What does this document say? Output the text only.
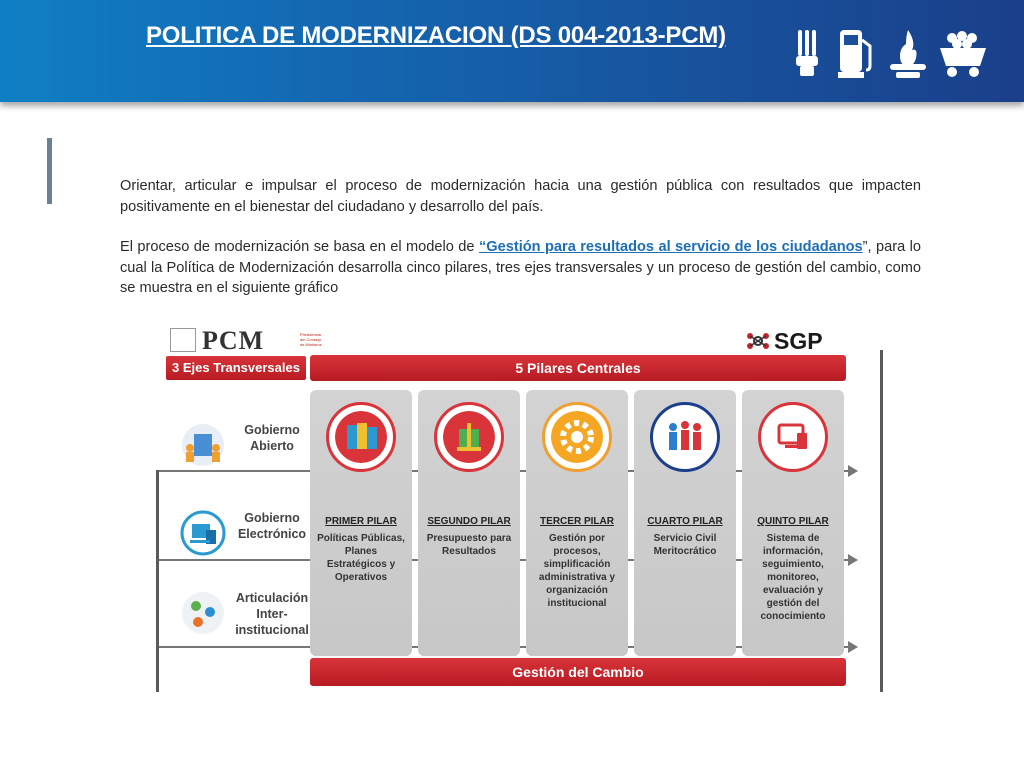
POLITICA DE MODERNIZACION (DS 004-2013-PCM)

Orientar, articular e impulsar el proceso de modernización hacia una gestión pública con resultados que impacten positivamente en el bienestar del ciudadano y desarrollo del país.

El proceso de modernización se basa en el modelo de “Gestión para resultados al servicio de los ciudadanos”, para lo cual la Política de Modernización desarrolla cinco pilares, tres ejes transversales y un proceso de gestión del cambio, como se muestra en el siguiente gráfico

PCM	Presidencia del Consejo de Ministros	SGP
3 Ejes Transversales	5 Pilares Centrales
Gobierno Abierto
Gobierno Electrónico
Articulación Inter-institucional
PRIMER PILAR
Políticas Públicas, Planes Estratégicos y Operativos
SEGUNDO PILAR
Presupuesto para Resultados
TERCER PILAR
Gestión por procesos, simplificación administrativa y organización institucional
CUARTO PILAR
Servicio Civil Meritocrático
QUINTO PILAR
Sistema de información, seguimiento, monitoreo, evaluación y gestión del conocimiento
Gestión del Cambio
